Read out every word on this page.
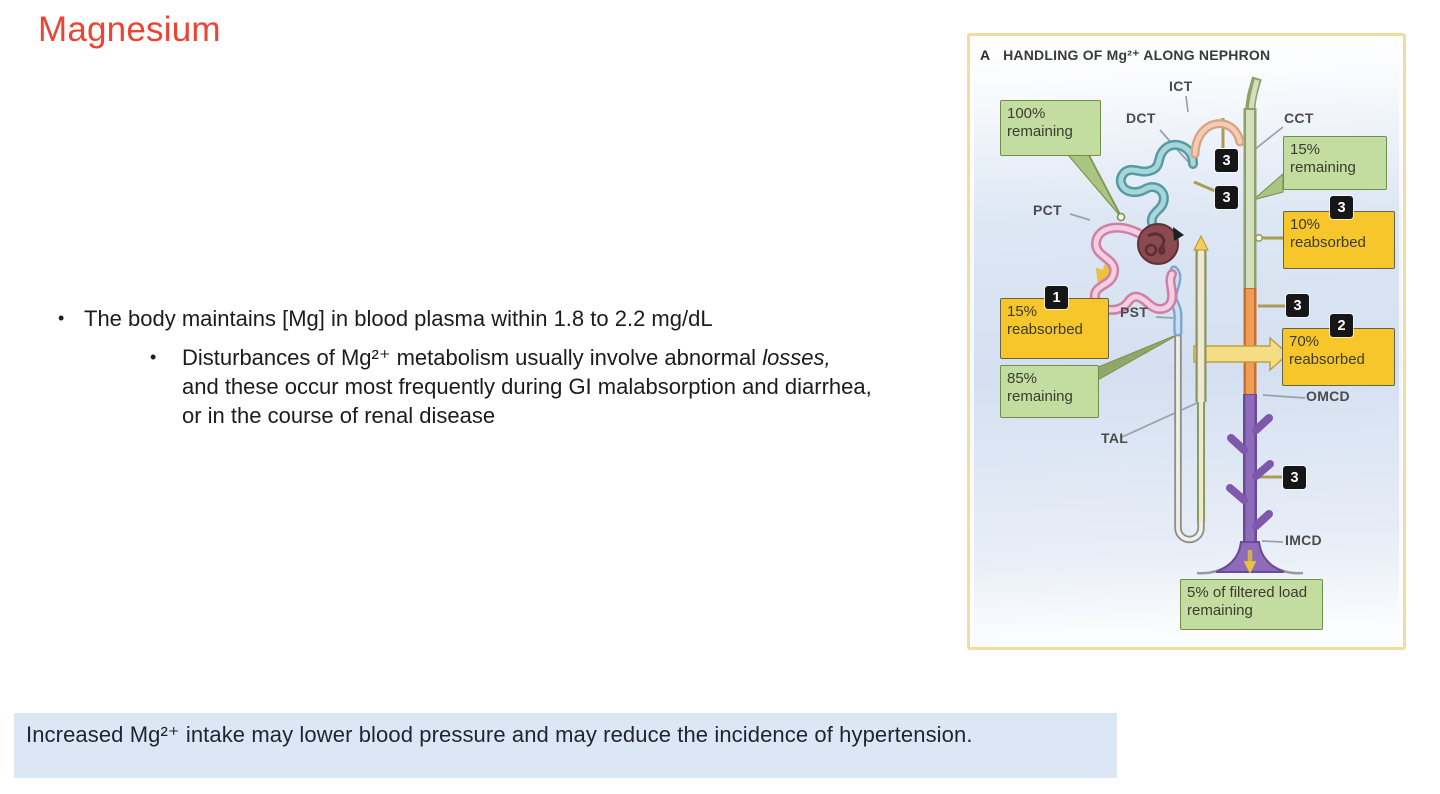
Magnesium
• The body maintains [Mg] in blood plasma within 1.8 to 2.2 mg/dL
•	Disturbances of Mg²⁺ metabolism usually involve abnormal losses, and these occur most frequently during GI malabsorption and diarrhea, or in the course of renal disease
Increased Mg²⁺ intake may lower blood pressure and may reduce the incidence of hypertension.
A HANDLING OF Mg²⁺ ALONG NEPHRON
ICT
DCT	CCT
PCT
PST
TAL
OMCD
IMCD
100% remaining
15% remaining
10% reabsorbed
15% reabsorbed
70% reabsorbed
85% remaining
5% of filtered load remaining
3
3
3
1	3
2
3
